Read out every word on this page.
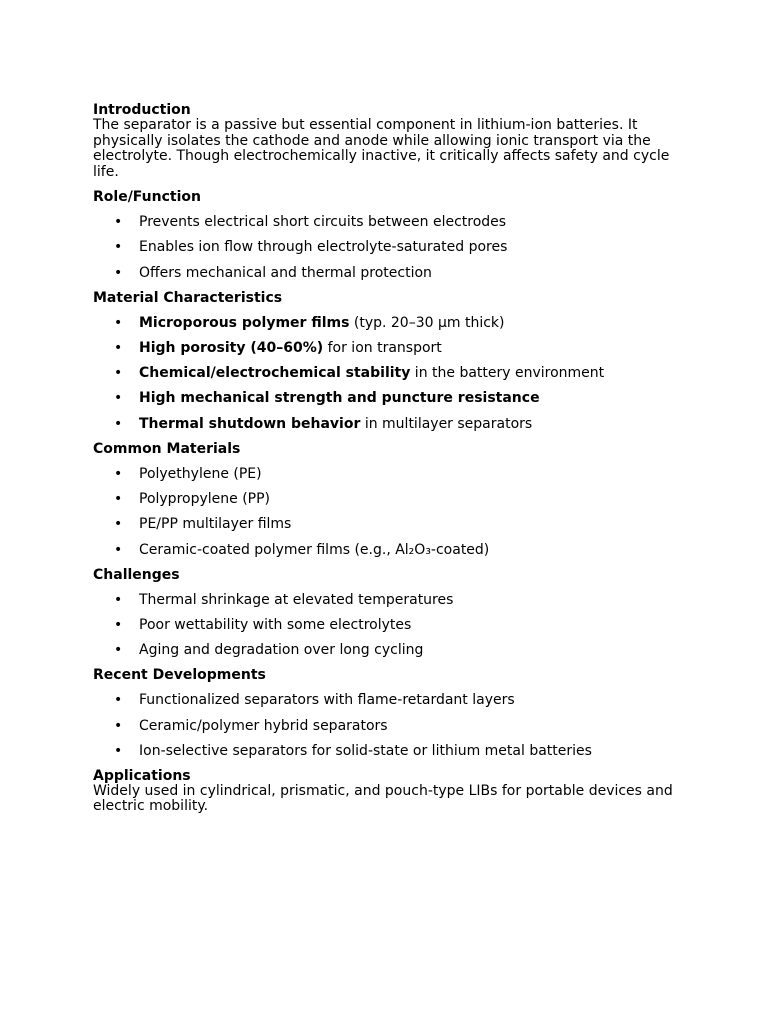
Introduction
The separator is a passive but essential component in lithium-ion batteries. It physically isolates the cathode and anode while allowing ionic transport via the electrolyte. Though electrochemically inactive, it critically affects safety and cycle life.
Role/Function
• Prevents electrical short circuits between electrodes
• Enables ion flow through electrolyte-saturated pores
• Offers mechanical and thermal protection
Material Characteristics
• Microporous polymer films (typ. 20–30 µm thick)
• High porosity (40–60%) for ion transport
• Chemical/electrochemical stability in the battery environment
• High mechanical strength and puncture resistance
• Thermal shutdown behavior in multilayer separators
Common Materials
• Polyethylene (PE)
• Polypropylene (PP)
• PE/PP multilayer films
• Ceramic-coated polymer films (e.g., Al₂O₃-coated)
Challenges
• Thermal shrinkage at elevated temperatures
• Poor wettability with some electrolytes
• Aging and degradation over long cycling
Recent Developments
• Functionalized separators with flame-retardant layers
• Ceramic/polymer hybrid separators
• Ion-selective separators for solid-state or lithium metal batteries
Applications
Widely used in cylindrical, prismatic, and pouch-type LIBs for portable devices and electric mobility.
